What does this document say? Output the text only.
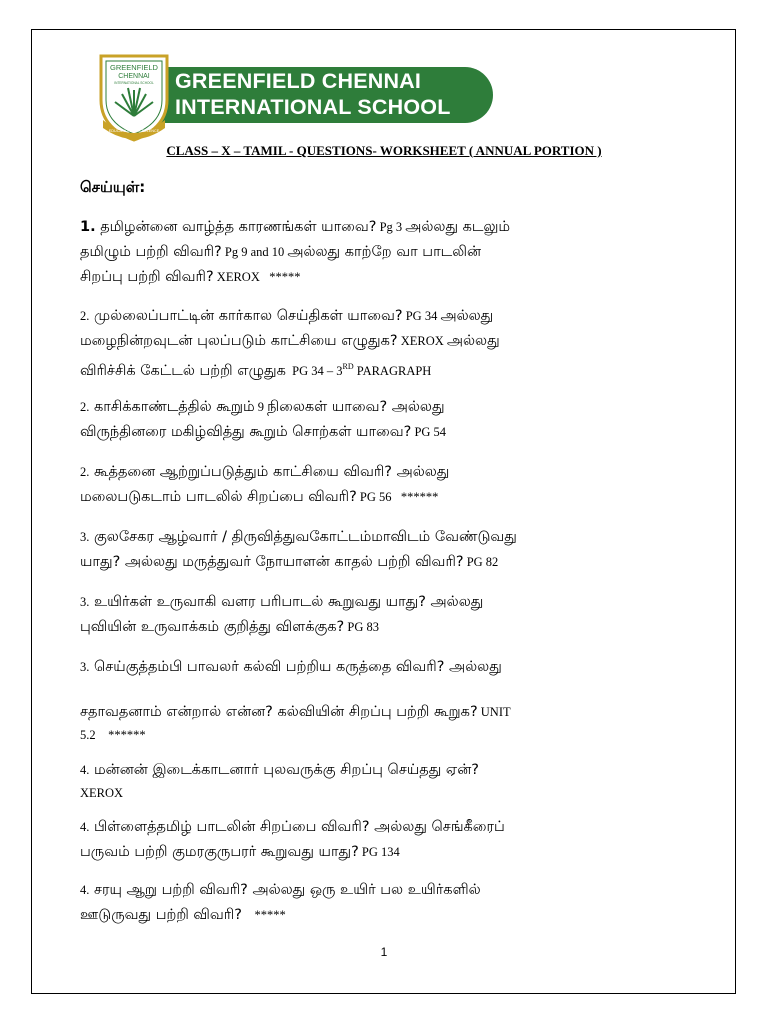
GREENFIELD CHENNAI
INTERNATIONAL SCHOOL
GREENFIELD
CHENNAI
INTERNATIONAL SCHOOL
EDUCATION · EXCELLENCE
CLASS – X – TAMIL - QUESTIONS- WORKSHEET ( ANNUAL PORTION )
செய்யுள்:
1. தமிழன்னை வாழ்த்த காரணங்கள் யாவை? Pg 3 அல்லது கடலும்
தமிழும் பற்றி விவரி? Pg 9 and 10 அல்லது காற்றே வா பாடலின்
சிறப்பு பற்றி விவரி? XEROX   *****
2. முல்லைப்பாட்டின் கார்கால செய்திகள் யாவை? PG 34 அல்லது
மழைநின்றவுடன் புலப்படும் காட்சியை எழுதுக? XEROX அல்லது
விரிச்சிக் கேட்டல் பற்றி எழுதுக  PG 34 – 3RD PARAGRAPH
2. காசிக்காண்டத்தில் கூறும் 9 நிலைகள் யாவை? அல்லது
விருந்தினரை மகிழ்வித்து கூறும் சொற்கள் யாவை? PG 54
2. கூத்தனை ஆற்றுப்படுத்தும் காட்சியை விவரி? அல்லது
மலைபடுகடாம் பாடலில் சிறப்பை விவரி? PG 56   ******
3. குலசேகர ஆழ்வார் / திருவித்துவகோட்டம்மாவிடம் வேண்டுவது
யாது? அல்லது மருத்துவர் நோயாளன் காதல் பற்றி விவரி? PG 82
3. உயிர்கள் உருவாகி வளர பரிபாடல் கூறுவது யாது? அல்லது
புவியின் உருவாக்கம் குறித்து விளக்குக? PG 83
3. செய்குத்தம்பி பாவலர் கல்வி பற்றிய கருத்தை விவரி? அல்லது
சதாவதனாம் என்றால் என்ன? கல்வியின் சிறப்பு பற்றி கூறுக? UNIT
5.2    ******
4. மன்னன் இடைக்காடனார் புலவருக்கு சிறப்பு செய்தது ஏன்?
XEROX
4. பிள்ளைத்தமிழ் பாடலின் சிறப்பை விவரி? அல்லது செங்கீரைப்
பருவம் பற்றி குமரகுருபரர் கூறுவது யாது? PG 134
4. சரயு ஆறு பற்றி விவரி? அல்லது ஒரு உயிர் பல உயிர்களில்
ஊடுருவது பற்றி விவரி?    *****
1
